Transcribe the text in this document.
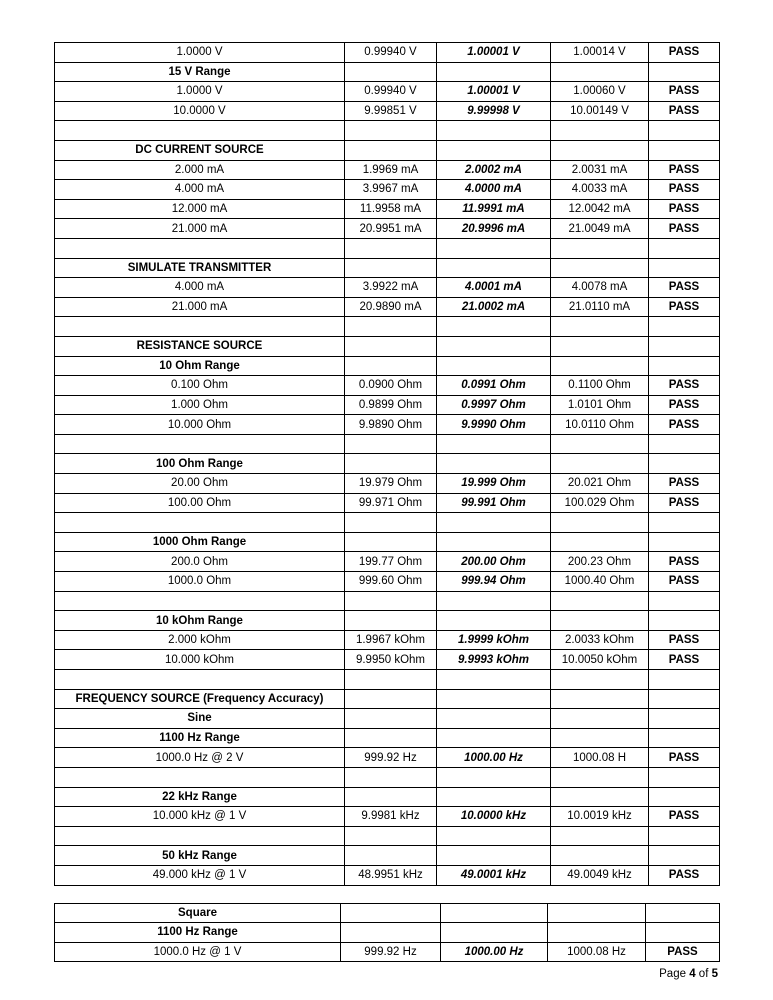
1.0000 V	0.99940 V	1.00001 V	1.00014 V	PASS
15 V Range				
1.0000 V	0.99940 V	1.00001 V	1.00060 V	PASS
10.0000 V	9.99851 V	9.99998 V	10.00149 V	PASS

DC CURRENT SOURCE				
2.000 mA	1.9969 mA	2.0002 mA	2.0031 mA	PASS
4.000 mA	3.9967 mA	4.0000 mA	4.0033 mA	PASS
12.000 mA	11.9958 mA	11.9991 mA	12.0042 mA	PASS
21.000 mA	20.9951 mA	20.9996 mA	21.0049 mA	PASS

SIMULATE TRANSMITTER				
4.000 mA	3.9922 mA	4.0001 mA	4.0078 mA	PASS
21.000 mA	20.9890 mA	21.0002 mA	21.0110 mA	PASS

RESISTANCE SOURCE				
10 Ohm Range				
0.100 Ohm	0.0900 Ohm	0.0991 Ohm	0.1100 Ohm	PASS
1.000 Ohm	0.9899 Ohm	0.9997 Ohm	1.0101 Ohm	PASS
10.000 Ohm	9.9890 Ohm	9.9990 Ohm	10.0110 Ohm	PASS

100 Ohm Range				
20.00 Ohm	19.979 Ohm	19.999 Ohm	20.021 Ohm	PASS
100.00 Ohm	99.971 Ohm	99.991 Ohm	100.029 Ohm	PASS

1000 Ohm Range				
200.0 Ohm	199.77 Ohm	200.00 Ohm	200.23 Ohm	PASS
1000.0 Ohm	999.60 Ohm	999.94 Ohm	1000.40 Ohm	PASS

10 kOhm Range				
2.000 kOhm	1.9967 kOhm	1.9999 kOhm	2.0033 kOhm	PASS
10.000 kOhm	9.9950 kOhm	9.9993 kOhm	10.0050 kOhm	PASS

FREQUENCY SOURCE (Frequency Accuracy)				
Sine				
1100 Hz Range				
1000.0 Hz @ 2 V	999.92 Hz	1000.00 Hz	1000.08 H	PASS

22 kHz Range				
10.000 kHz @ 1 V	9.9981 kHz	10.0000 kHz	10.0019 kHz	PASS

50 kHz Range				
49.000 kHz @ 1 V	48.9951 kHz	49.0001 kHz	49.0049 kHz	PASS
Square				
1100 Hz Range				
1000.0 Hz @ 1 V	999.92 Hz	1000.00 Hz	1000.08 Hz	PASS
Page 4 of 5
